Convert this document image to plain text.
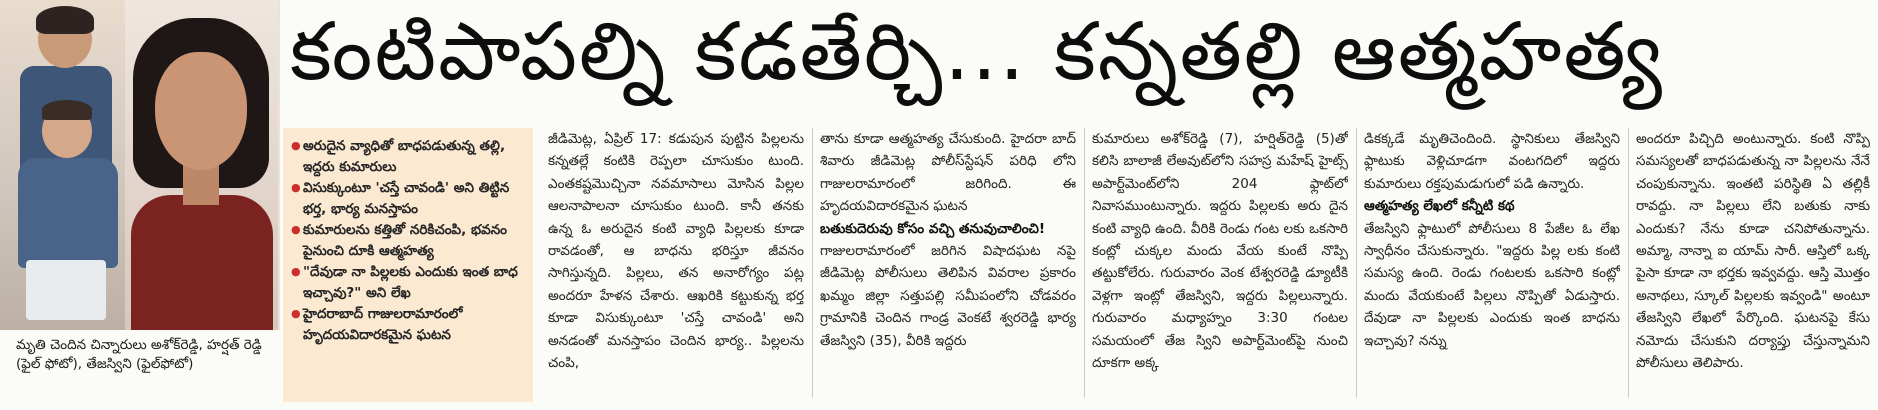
మృతి చెందిన చిన్నారులు అశోక్‌రెడ్డి, హర్షత్ రెడ్డి (ఫైల్ ఫోటో), తేజస్విని (ఫైల్‌ఫోటో)
కంటిపాపల్ని కడతేర్చి... కన్నతల్లి ఆత్మహత్య
● అరుదైన వ్యాధితో బాధపడుతున్న తల్లి, ఇద్దరు కుమారులు
● విసుక్కుంటూ 'చస్తే చావండి' అని తిట్టిన భర్త, భార్య మనస్తాపం
● కుమారులను కత్తితో నరికిచంపి, భవనం పైనుంచి దూకి ఆత్మహత్య
● "దేవుడా నా పిల్లలకు ఎందుకు ఇంత బాధ ఇచ్చావు?" అని లేఖ
● హైదరాబాద్ గాజులరామారంలో హృదయవిదారకమైన ఘటన

జీడిమెట్ల, ఏప్రిల్ 17: కడుపున పుట్టిన పిల్లలను కన్నతల్లే కంటికి రెప్పలా చూసుకుం టుంది. ఎంతకష్టమొచ్చినా నవమాసాలు మోసిన పిల్లల ఆలనాపాలనా చూసుకుం టుంది. కానీ తనకు ఉన్న ఓ అరుదైన కంటి వ్యాధి పిల్లలకు కూడా రావడంతో, ఆ బాధను భరిస్తూ జీవనం సాగిస్తున్నది. పిల్లలు, తన అనారోగ్యం పట్ల అందరూ హేళన చేశారు. ఆఖరికి కట్టుకున్న భర్త కూడా విసుక్కుంటూ 'చస్తే చావండి' అని అనడంతో మనస్తాపం చెందిన భార్య.. పిల్లలను చంపి,

తాను కూడా ఆత్మహత్య చేసుకుంది. హైదరా బాద్ శివారు జీడిమెట్ల పోలీస్‌స్టేషన్ పరిధి లోని గాజులరామారంలో జరిగింది. ఈ హృదయవిదారకమైన ఘటన

బతుకుదెరువు కోసం వచ్చి తనువుచాలించి!

గాజులరామారంలో జరిగిన విషాదఘట నపై జీడిమెట్ల పోలీసులు తెలిపిన వివరాల ప్రకారం ఖమ్మం జిల్లా సత్తుపల్లి సమీపంలోని చోడవరం గ్రామానికి చెందిన గాండ్ర వెంకటే శ్వరరెడ్డి భార్య తేజస్విని (35), వీరికి ఇద్దరు

కుమారులు అశోక్‌రెడ్డి (7), హర్షిత్‌రెడ్డి (5)తో కలిసి బాలాజీ లేఅవుట్‌లోని సహస్ర మహేష్ హైట్స్ అపార్ట్‌మెంట్‌లోని 204 ఫ్లాట్‌లో నివాసముంటున్నారు. ఇద్దరు పిల్లలకు అరు దైన కంటి వ్యాధి ఉంది. వీరికి రెండు గంట లకు ఒకసారి కంట్లో చుక్కల మందు వేయ కుంటే నొప్పి తట్టుకోలేరు. గురువారం వెంక టేశ్వరరెడ్డి డ్యూటీకి వెళ్లగా ఇంట్లో తేజస్విని, ఇద్దరు పిల్లలున్నారు. గురువారం మధ్యాహ్నం 3:30 గంటల సమయంలో తేజ స్విని అపార్ట్‌మెంట్‌పై నుంచి దూకగా అక్క

డికక్కడే మృతిచెందింది. స్థానికులు తేజస్విని ఫ్లాటుకు వెళ్లిచూడగా వంటగదిలో ఇద్దరు కుమారులు రక్తపుమడుగులో పడి ఉన్నారు.

ఆత్మహత్య లేఖలో కన్నీటి కథ

తేజస్విని ఫ్లాటులో పోలీసులు 8 పేజీల ఓ లేఖ స్వాధీనం చేసుకున్నారు. "ఇద్దరు పిల్ల లకు కంటి సమస్య ఉంది. రెండు గంటలకు ఒకసారి కంట్లో మందు వేయకుంటే పిల్లలు నొప్పితో ఏడుస్తారు. దేవుడా నా పిల్లలకు ఎందుకు ఇంత బాధను ఇచ్చావు? నన్ను

అందరూ పిచ్చిది అంటున్నారు. కంటి నొప్పి సమస్యలతో బాధపడుతున్న నా పిల్లలను నేనే చంపుకున్నాను. ఇంతటి పరిస్థితి ఏ తల్లికీ రావద్దు. నా పిల్లలు లేని బతుకు నాకు ఎందుకు? నేను కూడా చనిపోతున్నాను. అమ్మా, నాన్నా ఐ యామ్ సారీ. ఆస్తిలో ఒక్క పైసా కూడా నా భర్తకు ఇవ్వవద్దు. ఆస్తి మొత్తం అనాథలు, స్కూల్ పిల్లలకు ఇవ్వండి" అంటూ తేజస్విని లేఖలో పేర్కొంది. ఘటనపై కేసు నమోదు చేసుకుని దర్యాప్తు చేస్తున్నామని పోలీసులు తెలిపారు.
